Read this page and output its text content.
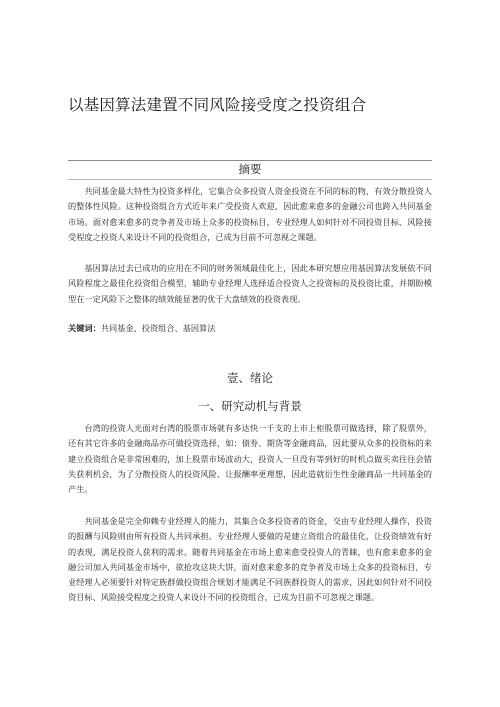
以基因算法建置不同风险接受度之投资组合
摘要

共同基金最大特性为投资多样化，它集合众多投资人资金投资在不同的标的物，有效分散投资人的整体性风险。这种投资组合方式近年来广受投资人欢迎，因此愈来愈多的金融公司也跨入共同基金市场。面对愈来愈多的竞争者及市场上众多的投资标目，专业经理人如何针对不同投资目标、风险接受程度之投资人来设计不同的投资组合，已成为目前不可忽视之课题。

基因算法过去已成功的应用在不同的财务领域最佳化上，因此本研究想应用基因算法发展依不同风险程度之最佳化投资组合模型，辅助专业经理人选择适合投资人之投资标的及投资比重，并期盼模型在一定风险下之整体的绩效能显著的优于大盘绩效的投资表现。

关键词：共同基金、投资组合、基因算法
壹、绪论
一、研究动机与背景

台湾的投资人光面对台湾的股票市场就有多达快一千支的上市上柜股票可做选择，除了股票外，还有其它许多的金融商品亦可做投资选择，如：债券、期货等金融商品，因此要从众多的投资标的来建立投资组合是非常困难的，加上股票市场波动大，投资人一旦没有等到好的时机点做买卖往往会错失获利机会，为了分散投资人的投资风险、让报酬率更理想，因此造就衍生性金融商品一共同基金的产生。

共同基金是完全仰赖专业经理人的能力，其集合众多投资者的资金，交由专业经理人操作，投资的报酬与风险则由所有投资人共同承担。专业经理人要做的是建立资组合的最佳化，让投资绩效有好的表现，满足投资人获利的需求。随着共同基金在市场上愈来愈受投资人的青睐，也有愈来愈多的金融公司加入共同基金市场中，欲抢攻这块大饼，面对愈来愈多的竞争者及市场上众多的投资标目，专业经理人必须要针对特定族群做投资组合规划才能满足不同族群投资人的需求，因此如何针对不同投资目标、风险接受程度之投资人来设计不同的投资组合，已成为目前不可忽视之课题。
